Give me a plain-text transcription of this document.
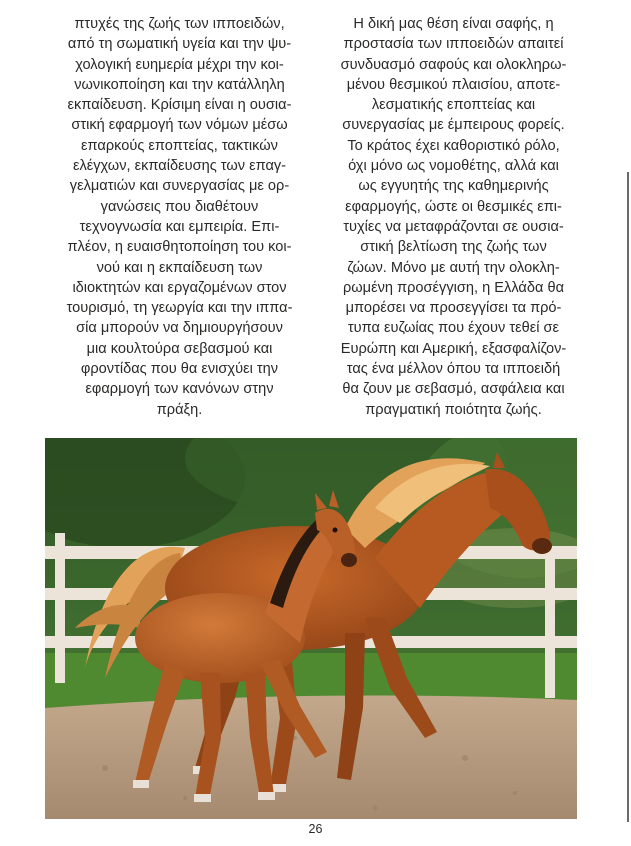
πτυχές της ζωής των ιπποειδών,
από τη σωματική υγεία και την ψυ-
χολογική ευημερία μέχρι την κοι-
νωνικοποίηση και την κατάλληλη
εκπαίδευση. Κρίσιμη είναι η ουσια-
στική εφαρμογή των νόμων μέσω
επαρκούς εποπτείας, τακτικών
ελέγχων, εκπαίδευσης των επαγ-
γελματιών και συνεργασίας με ορ-
γανώσεις που διαθέτουν
τεχνογνωσία και εμπειρία. Επι-
πλέον, η ευαισθητοποίηση του κοι-
νού και η εκπαίδευση των
ιδιοκτητών και εργαζομένων στον
τουρισμό, τη γεωργία και την ιππα-
σία μπορούν να δημιουργήσουν
μια κουλτούρα σεβασμού και
φροντίδας που θα ενισχύει την
εφαρμογή των κανόνων στην
πράξη.
Η δική μας θέση είναι σαφής, η
προστασία των ιπποειδών απαιτεί
συνδυασμό σαφούς και ολοκληρω-
μένου θεσμικού πλαισίου, αποτε-
λεσματικής εποπτείας και
συνεργασίας με έμπειρους φορείς.
Το κράτος έχει καθοριστικό ρόλο,
όχι μόνο ως νομοθέτης, αλλά και
ως εγγυητής της καθημερινής
εφαρμογής, ώστε οι θεσμικές επι-
τυχίες να μεταφράζονται σε ουσια-
στική βελτίωση της ζωής των
ζώων. Μόνο με αυτή την ολοκλη-
ρωμένη προσέγγιση, η Ελλάδα θα
μπορέσει να προσεγγίσει τα πρό-
τυπα ευζωίας που έχουν τεθεί σε
Ευρώπη και Αμερική, εξασφαλίζον-
τας ένα μέλλον όπου τα ιπποειδή
θα ζουν με σεβασμό, ασφάλεια και
πραγματική ποιότητα ζωής.
26
